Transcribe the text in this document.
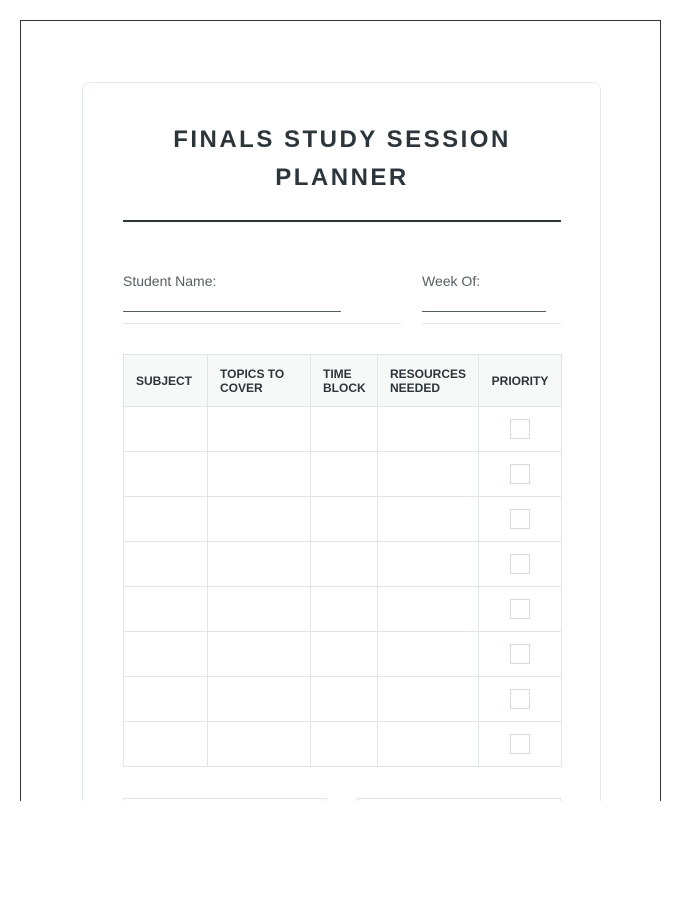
FINALS STUDY SESSION PLANNER
Student Name:	Week Of:
SUBJECT	TOPICS TO COVER	TIME BLOCK	RESOURCES NEEDED	PRIORITY
